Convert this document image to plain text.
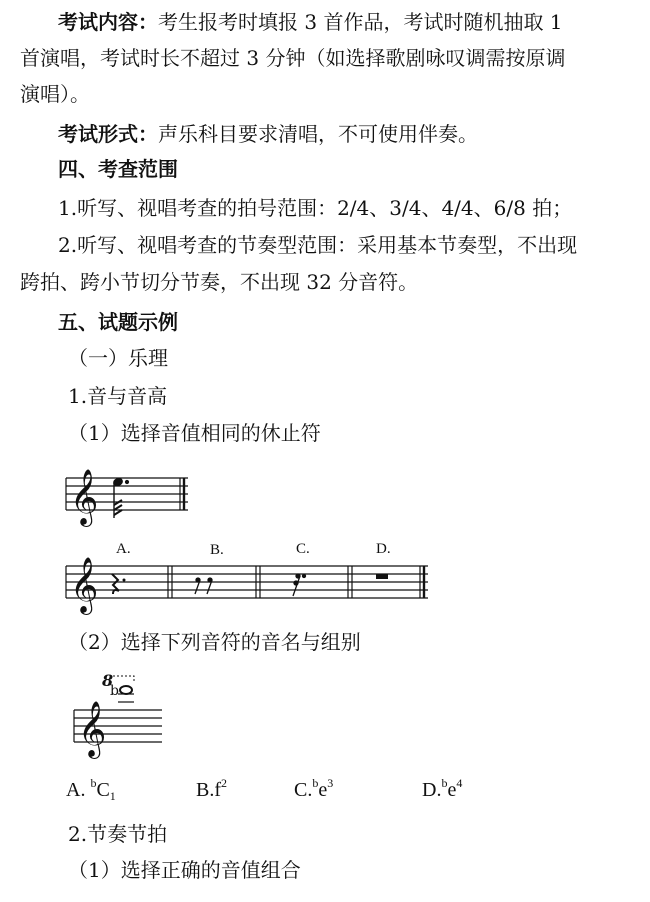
考试内容：考生报考时填报 3 首作品，考试时随机抽取 1
首演唱，考试时长不超过 3 分钟（如选择歌剧咏叹调需按原调
演唱）。
考试形式：声乐科目要求清唱，不可使用伴奏。
四、考查范围
1.听写、视唱考查的拍号范围：2/4、3/4、4/4、6/8 拍；
2.听写、视唱考查的节奏型范围：采用基本节奏型，不出现
跨拍、跨小节切分节奏，不出现 32 分音符。
五、试题示例
（一）乐理
1.音与音高
（1）选择音值相同的休止符
𝄞
𝄞
𝄞
8
b
A.	B.	C.	D.
（2）选择下列音符的音名与组别
A. $^bC_1$	$B.f^2$	$C.^be^3$	$D.^be^4$
2.节奏节拍
（1）选择正确的音值组合
